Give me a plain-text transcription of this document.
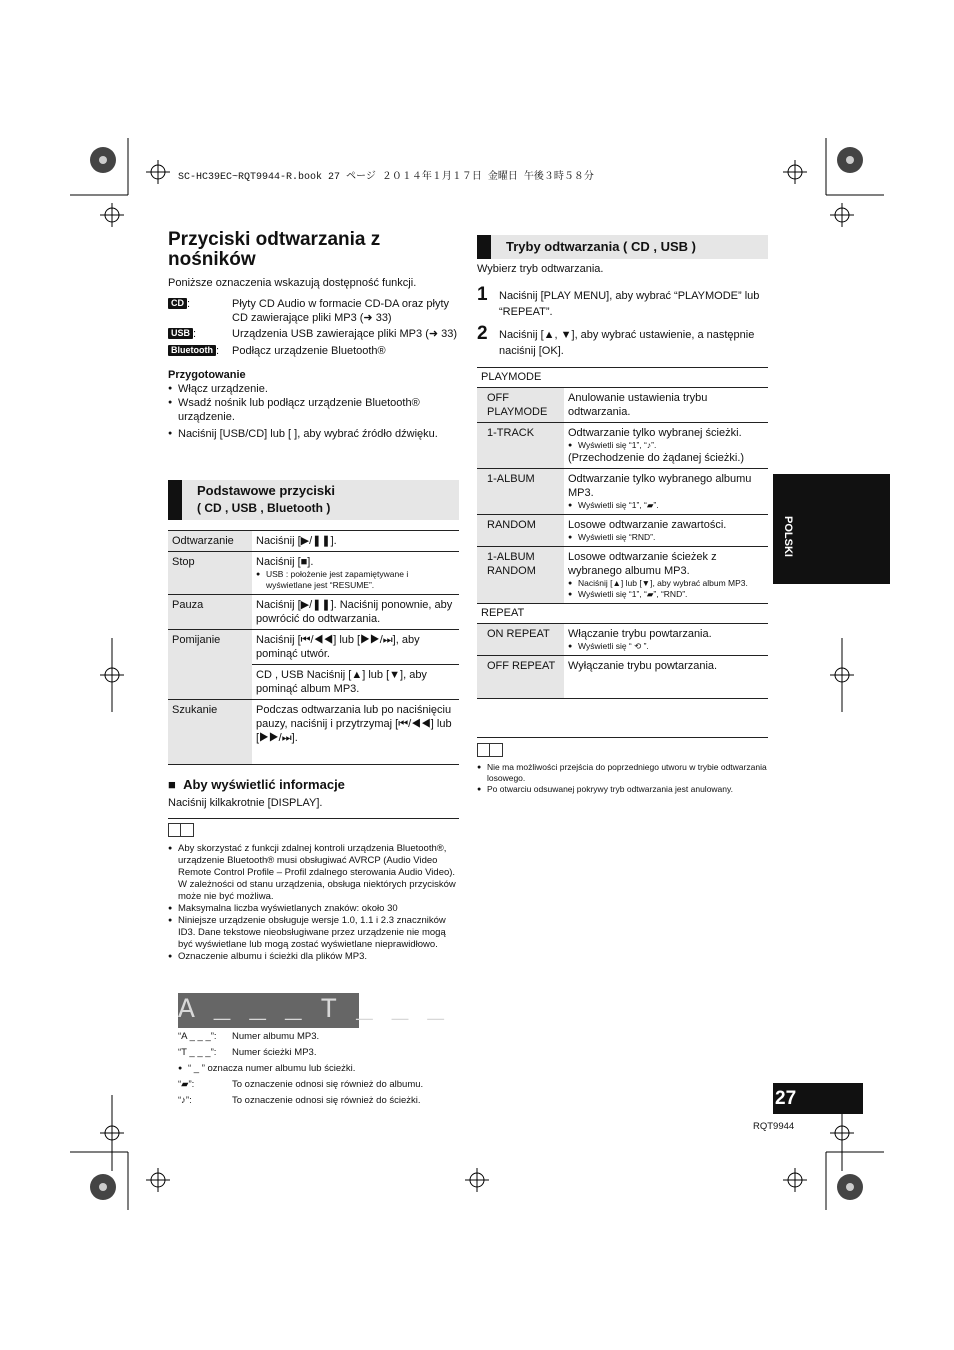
SC-HC39EC~RQT9944-R.book 27 ページ ２０１４年１月１７日 金曜日 午後３時５８分
Przyciski odtwarzania z nośników
Poniższe oznaczenia wskazują dostępność funkcji.
CD :	Płyty CD Audio w formacie CD-DA oraz płyty CD zawierające pliki MP3 (➜ 33)
USB :	Urządzenia USB zawierające pliki MP3 (➜ 33)
Bluetooth :	Podłącz urządzenie Bluetooth®
Przygotowanie
● Włącz urządzenie.
● Wsadź nośnik lub podłącz urządzenie Bluetooth® urządzenie.
● Naciśnij [USB/CD] lub [ ], aby wybrać źródło dźwięku.
Podstawowe przyciski
( CD , USB , Bluetooth )
Odtwarzanie	Naciśnij [▶/❚❚].
Stop	Naciśnij [■].
● USB : położenie jest zapamiętywane i wyświetlane jest “RESUME”.

Pauza	Naciśnij [▶/❚❚]. Naciśnij ponownie, aby powrócić do odtwarzania.
Pomijanie	Naciśnij [⏮/◀◀] lub [▶▶/⏭], aby pominąć utwór.
	CD , USB Naciśnij [▲] lub [▼], aby pominąć album MP3.
Szukanie	Podczas odtwarzania lub po naciśnięciu pauzy, naciśnij i przytrzymaj [⏮/◀◀] lub [▶▶/⏭].
■  Aby wyświetlić informacje
Naciśnij kilkakrotnie [DISPLAY].
● Aby skorzystać z funkcji zdalnej kontroli urządzenia Bluetooth®, urządzenie Bluetooth® musi obsługiwać AVRCP (Audio Video Remote Control Profile – Profil zdalnego sterowania Audio Video). W zależności od stanu urządzenia, obsługa niektórych przycisków może nie być możliwa.
● Maksymalna liczba wyświetlanych znaków: około 30
● Niniejsze urządzenie obsługuje wersje 1.0, 1.1 i 2.3 znaczników ID3. Dane tekstowe nieobsługiwane przez urządzenie nie mogą być wyświetlane lub mogą zostać wyświetlane nieprawidłowo.
● Oznaczenie albumu i ścieżki dla plików MP3.
A _ _ _ T _ _ _
“A _ _ _”:	Numer albumu MP3.
“T _ _ _”:	Numer ścieżki MP3.
● “ _ ” oznacza numer albumu lub ścieżki.
“▰”:	To oznaczenie odnosi się również do albumu.
“♪”:	To oznaczenie odnosi się również do ścieżki.
Tryby odtwarzania ( CD , USB )
Wybierz tryb odtwarzania.
1	Naciśnij [PLAY MENU], aby wybrać “PLAYMODE” lub “REPEAT”.
2	Naciśnij [▲, ▼], aby wybrać ustawienie, a następnie naciśnij [OK].
PLAYMODE	
OFF PLAYMODE	Anulowanie ustawienia trybu odtwarzania.
1-TRACK	Odtwarzanie tylko wybranej ścieżki.
● Wyświetli się “1”, “♪”.
(Przechodzenie do żądanej ścieżki.)

1-ALBUM	Odtwarzanie tylko wybranego albumu MP3.
● Wyświetli się “1”, “▰”.

RANDOM	Losowe odtwarzanie zawartości.
● Wyświetli się “RND”.

1-ALBUM RANDOM	Losowe odtwarzanie ścieżek z wybranego albumu MP3.
● Naciśnij [▲] lub [▼], aby wybrać album MP3.
● Wyświetli się “1”, “▰”, “RND”.

REPEAT	
ON REPEAT	Włączanie trybu powtarzania.
● Wyświetli się “ ⟲ ”.

OFF REPEAT	Wyłączanie trybu powtarzania.
● Nie ma możliwości przejścia do poprzedniego utworu w trybie odtwarzania losowego.
● Po otwarciu odsuwanej pokrywy tryb odtwarzania jest anulowany.
POLSKI
27
RQT9944
